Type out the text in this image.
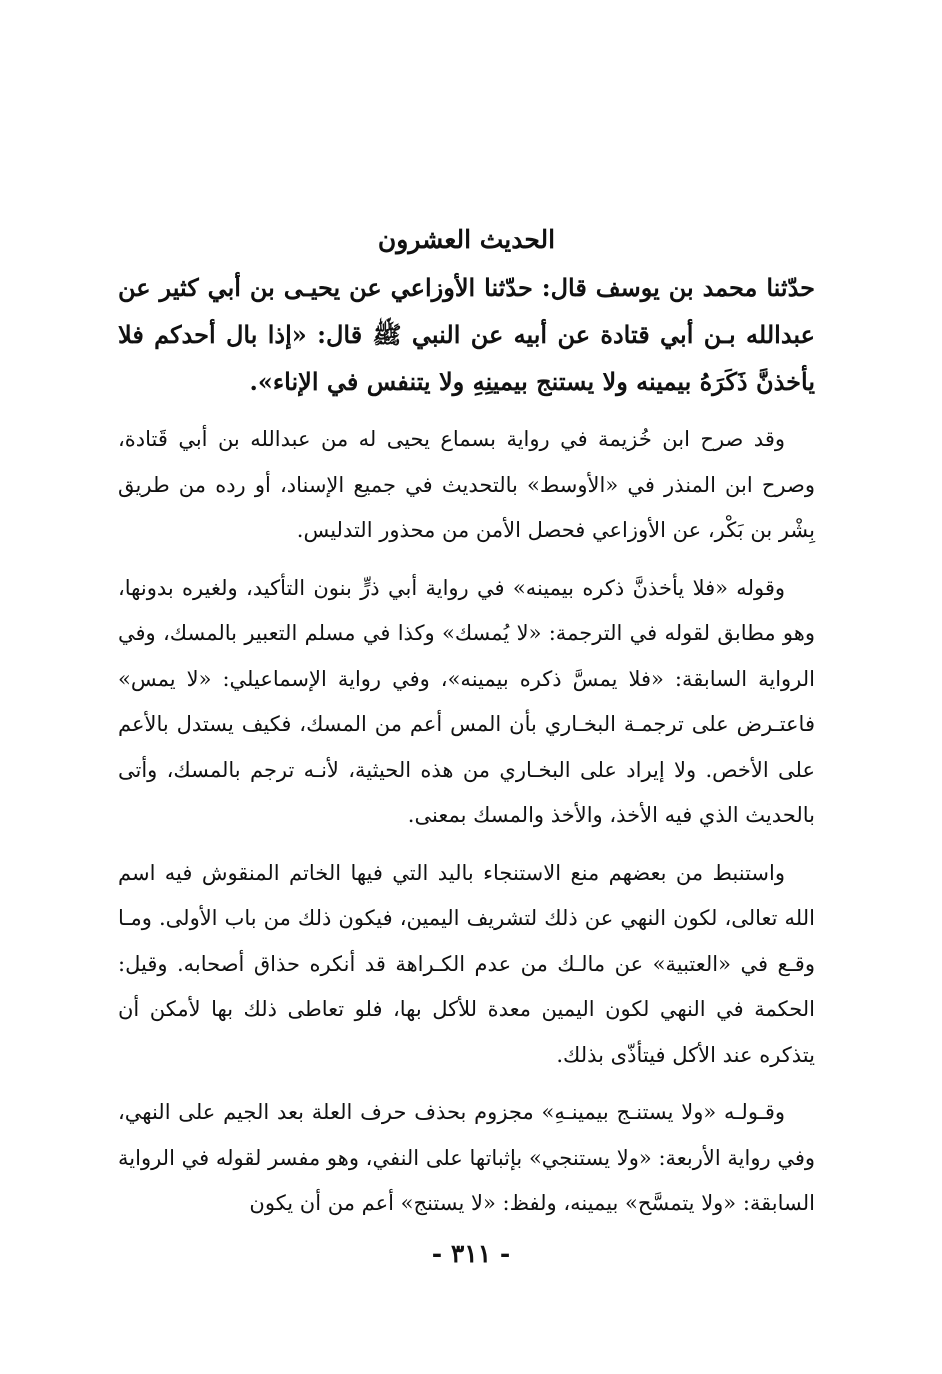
الحديث العشرون
حدّثنا محمد بن يوسف قال: حدّثنا الأوزاعي عن يحيـى بن أبي كثير عن عبدالله بـن أبي قتادة عن أبيه عن النبي ﷺ قال: «إذا بال أحدكم فلا يأخذنَّ ذَكَرَهُ بيمينه ولا يستنج بيمينِهِ ولا يتنفس في الإناء».

وقد صرح ابن خُزيمة في رواية بسماع يحيى له من عبدالله بن أبي قَتادة، وصرح ابن المنذر في «الأوسط» بالتحديث في جميع الإسناد، أو رده من طريق بِشْر بن بَكْر، عن الأوزاعي فحصل الأمن من محذور التدليس.

وقوله «فلا يأخذنَّ ذكره بيمينه» في رواية أبي ذرٍّ بنون التأكيد، ولغيره بدونها، وهو مطابق لقوله في الترجمة: «لا يُمسك» وكذا في مسلم التعبير بالمسك، وفي الرواية السابقة: «فلا يمسَّ ذكره بيمينه»، وفي رواية الإسماعيلي: «لا يمس» فاعتـرض على ترجمـة البخـاري بأن المس أعم من المسك، فكيف يستدل بالأعم على الأخص. ولا إيراد على البخـاري من هذه الحيثية، لأنـه ترجم بالمسك، وأتى بالحديث الذي فيه الأخذ، والأخذ والمسك بمعنى.

واستنبط من بعضهم منع الاستنجاء باليد التي فيها الخاتم المنقوش فيه اسم الله تعالى، لكون النهي عن ذلك لتشريف اليمين، فيكون ذلك من باب الأولى. ومـا وقـع في «العتبية» عن مالـك من عدم الكـراهة قد أنكره حذاق أصحابه. وقيل: الحكمة في النهي لكون اليمين معدة للأكل بها، فلو تعاطى ذلك بها لأمكن أن يتذكره عند الأكل فيتأذّى بذلك.

وقـولـه «ولا يستنـج بيمينـهِ» مجزوم بحذف حرف العلة بعد الجيم على النهي، وفي رواية الأربعة: «ولا يستنجي» بإثباتها على النفي، وهو مفسر لقوله في الرواية السابقة: «ولا يتمسَّح» بيمينه، ولفظ: «لا يستنج» أعم من أن يكون

- ٣١١ -
